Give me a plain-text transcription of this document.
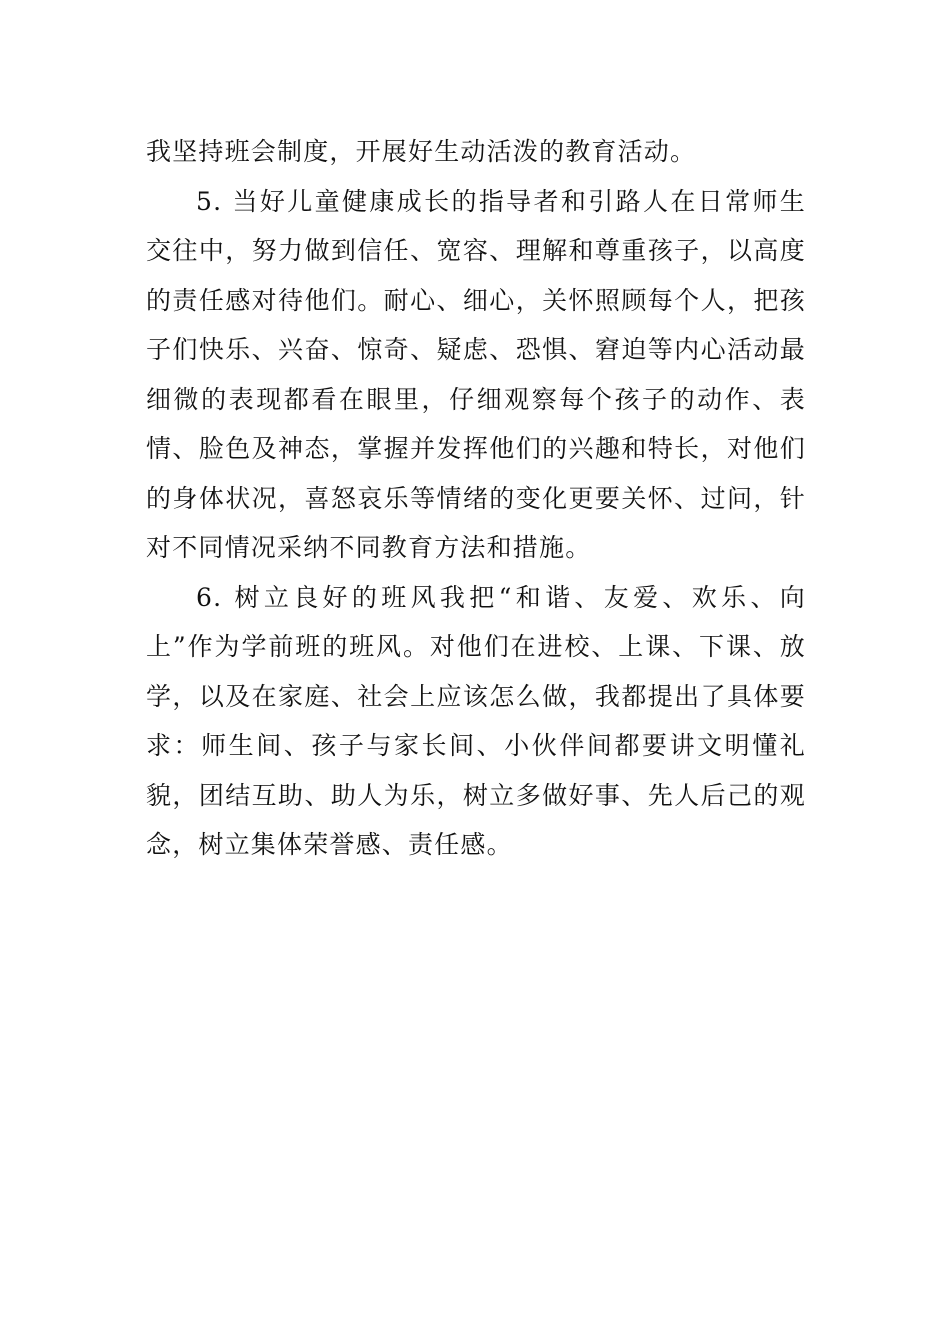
我坚持班会制度，开展好生动活泼的教育活动。

5. 当好儿童健康成长的指导者和引路人在日常师生交往中，努力做到信任、宽容、理解和尊重孩子，以高度的责任感对待他们。耐心、细心，关怀照顾每个人，把孩子们快乐、兴奋、惊奇、疑虑、恐惧、窘迫等内心活动最细微的表现都看在眼里，仔细观察每个孩子的动作、表情、脸色及神态，掌握并发挥他们的兴趣和特长，对他们的身体状况，喜怒哀乐等情绪的变化更要关怀、过问，针对不同情况采纳不同教育方法和措施。

6. 树立良好的班风我把“和谐、友爱、欢乐、向上”作为学前班的班风。对他们在进校、上课、下课、放学，以及在家庭、社会上应该怎么做，我都提出了具体要求：师生间、孩子与家长间、小伙伴间都要讲文明懂礼貌，团结互助、助人为乐，树立多做好事、先人后己的观念，树立集体荣誉感、责任感。
